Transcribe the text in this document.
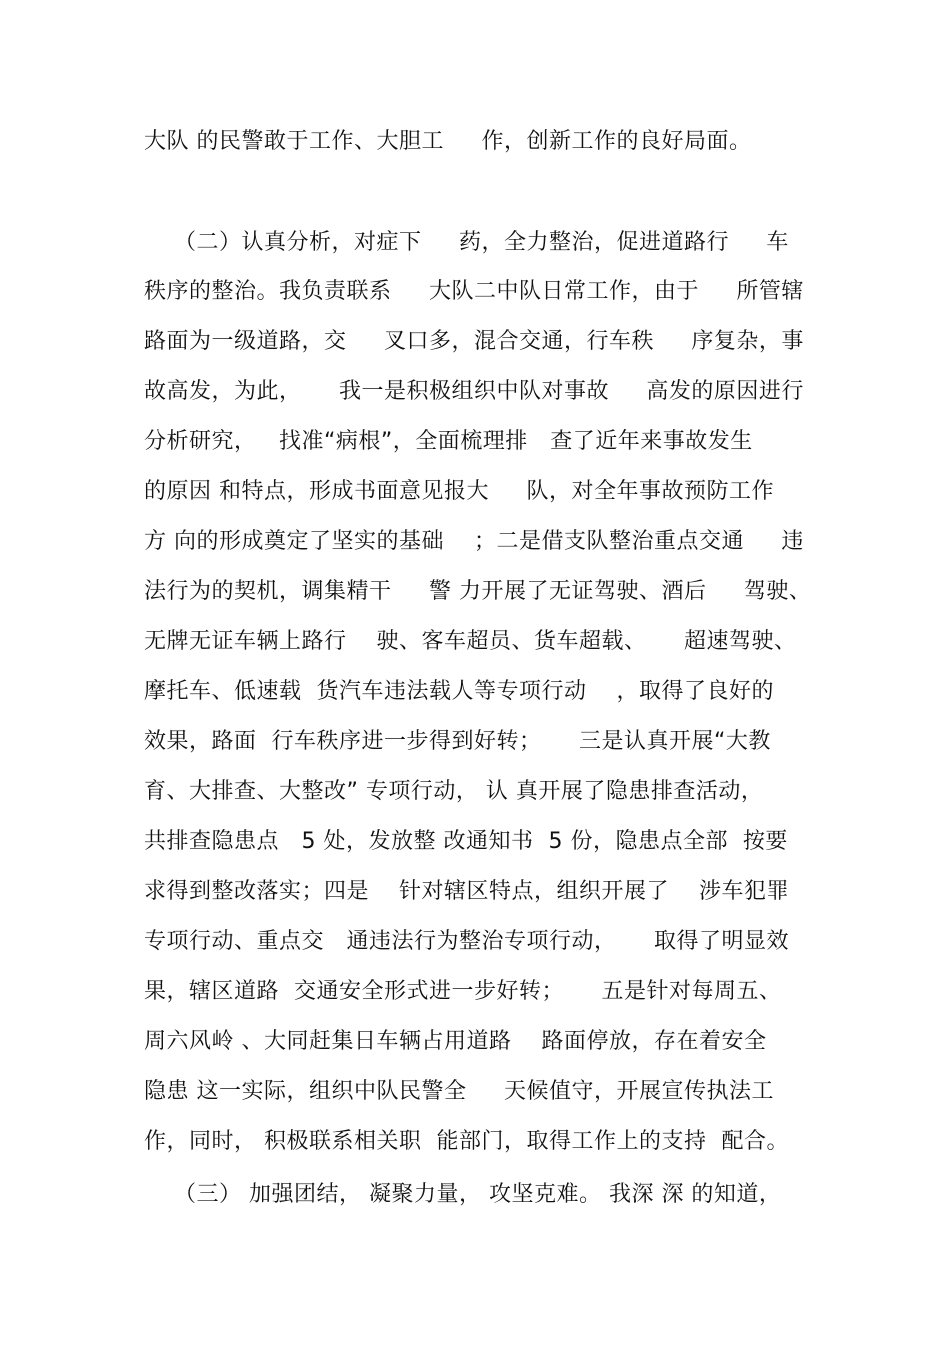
大队 的民警敢于工作、大胆工     作，创新工作的良好局面。
（二）认真分析，对症下     药，全力整治，促进道路行     车
秩序的整治。我负责联系     大队二中队日常工作，由于     所管辖
路面为一级道路，交     叉口多，混合交通，行车秩     序复杂，事
故高发，为此，     我一是积极组织中队对事故     高发的原因进行
分析研究，   找准“病根”，全面梳理排   查了近年来事故发生
的原因 和特点，形成书面意见报大     队，对全年事故预防工作
方 向的形成奠定了坚实的基础    ；二是借支队整治重点交通     违
法行为的契机，调集精干     警 力开展了无证驾驶、酒后     驾驶、
无牌无证车辆上路行    驶、客车超员、货车超载、     超速驾驶、
摩托车、低速载  货汽车违法载人等专项行动    ，取得了良好的
效果，路面  行车秩序进一步得到好转；     三是认真开展“大教
育、大排查、大整改” 专项行动， 认 真开展了隐患排查活动，
共排查隐患点   5 处，发放整 改通知书  5 份，隐患点全部  按要
求得到整改落实；四是    针对辖区特点，组织开展了    涉车犯罪
专项行动、重点交   通违法行为整治专项行动，     取得了明显效
果，辖区道路  交通安全形式进一步好转；     五是针对每周五、
周六风岭 、大同赶集日车辆占用道路    路面停放，存在着安全
隐患 这一实际，组织中队民警全     天候值守，开展宣传执法工
作，同时， 积极联系相关职  能部门，取得工作上的支持  配合。
（三） 加强团结， 凝聚力量， 攻坚克难。 我深 深 的知道，
